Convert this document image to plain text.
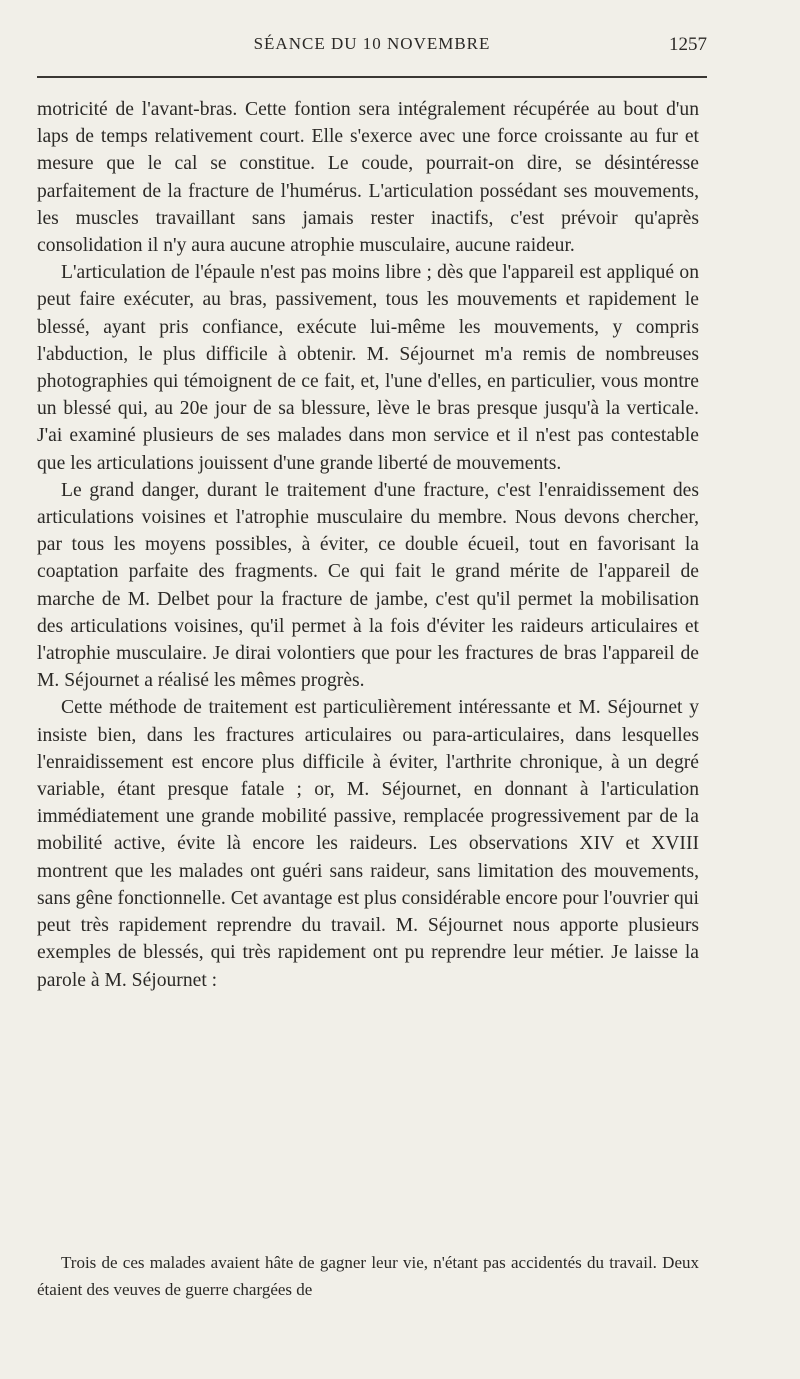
SÉANCE DU 10 NOVEMBRE	1257

motricité de l'avant-bras. Cette fontion sera intégralement récupérée au bout d'un laps de temps relativement court. Elle s'exerce avec une force croissante au fur et mesure que le cal se constitue. Le coude, pourrait-on dire, se désintéresse parfaitement de la fracture de l'humérus. L'articulation possédant ses mouvements, les muscles travaillant sans jamais rester inactifs, c'est prévoir qu'après consolidation il n'y aura aucune atrophie musculaire, aucune raideur.

L'articulation de l'épaule n'est pas moins libre ; dès que l'appareil est appliqué on peut faire exécuter, au bras, passivement, tous les mouvements et rapidement le blessé, ayant pris confiance, exécute lui-même les mouvements, y compris l'abduction, le plus difficile à obtenir. M. Séjournet m'a remis de nombreuses photographies qui témoignent de ce fait, et, l'une d'elles, en particulier, vous montre un blessé qui, au 20e jour de sa blessure, lève le bras presque jusqu'à la verticale. J'ai examiné plusieurs de ses malades dans mon service et il n'est pas contestable que les articulations jouissent d'une grande liberté de mouvements.

Le grand danger, durant le traitement d'une fracture, c'est l'enraidissement des articulations voisines et l'atrophie musculaire du membre. Nous devons chercher, par tous les moyens possibles, à éviter, ce double écueil, tout en favorisant la coaptation parfaite des fragments. Ce qui fait le grand mérite de l'appareil de marche de M. Delbet pour la fracture de jambe, c'est qu'il permet la mobilisation des articulations voisines, qu'il permet à la fois d'éviter les raideurs articulaires et l'atrophie musculaire. Je dirai volontiers que pour les fractures de bras l'appareil de M. Séjournet a réalisé les mêmes progrès.

Cette méthode de traitement est particulièrement intéressante et M. Séjournet y insiste bien, dans les fractures articulaires ou para-articulaires, dans lesquelles l'enraidissement est encore plus difficile à éviter, l'arthrite chronique, à un degré variable, étant presque fatale ; or, M. Séjournet, en donnant à l'articulation immédiatement une grande mobilité passive, remplacée progressivement par de la mobilité active, évite là encore les raideurs. Les observations XIV et XVIII montrent que les malades ont guéri sans raideur, sans limitation des mouvements, sans gêne fonctionnelle. Cet avantage est plus considérable encore pour l'ouvrier qui peut très rapidement reprendre du travail. M. Séjournet nous apporte plusieurs exemples de blessés, qui très rapidement ont pu reprendre leur métier. Je laisse la parole à M. Séjournet :

Trois de ces malades avaient hâte de gagner leur vie, n'étant pas accidentés du travail. Deux étaient des veuves de guerre chargées de
